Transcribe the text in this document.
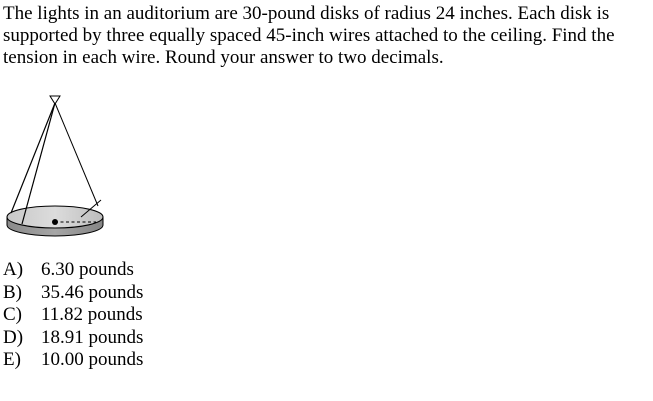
The lights in an auditorium are 30-pound disks of radius 24 inches. Each disk is supported by three equally spaced 45-inch wires attached to the ceiling. Find the tension in each wire. Round your answer to two decimals.

A) 6.30 pounds
B)	35.46 pounds
C)	11.82 pounds
D) 18.91 pounds
E)	10.00 pounds
